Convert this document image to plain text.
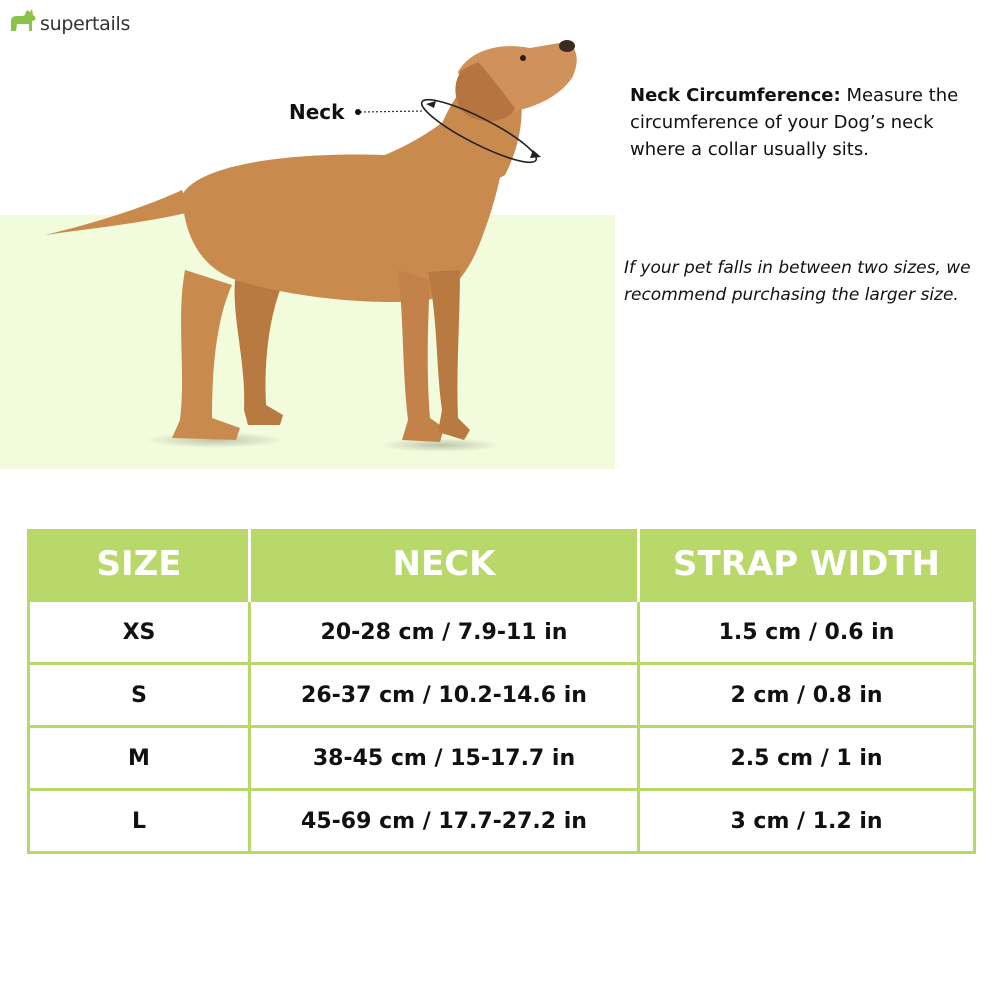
supertails
Neck
Neck Circumference: Measure the circumference of your Dog’s neck where a collar usually sits.
If your pet falls in between two sizes, we recommend purchasing the larger size.
SIZE	NECK	STRAP WIDTH
XS	20-28 cm / 7.9-11 in	1.5 cm / 0.6 in
S	26-37 cm / 10.2-14.6 in	2 cm / 0.8 in
M	38-45 cm / 15-17.7 in	2.5 cm / 1 in
L	45-69 cm / 17.7-27.2 in	3 cm / 1.2 in
